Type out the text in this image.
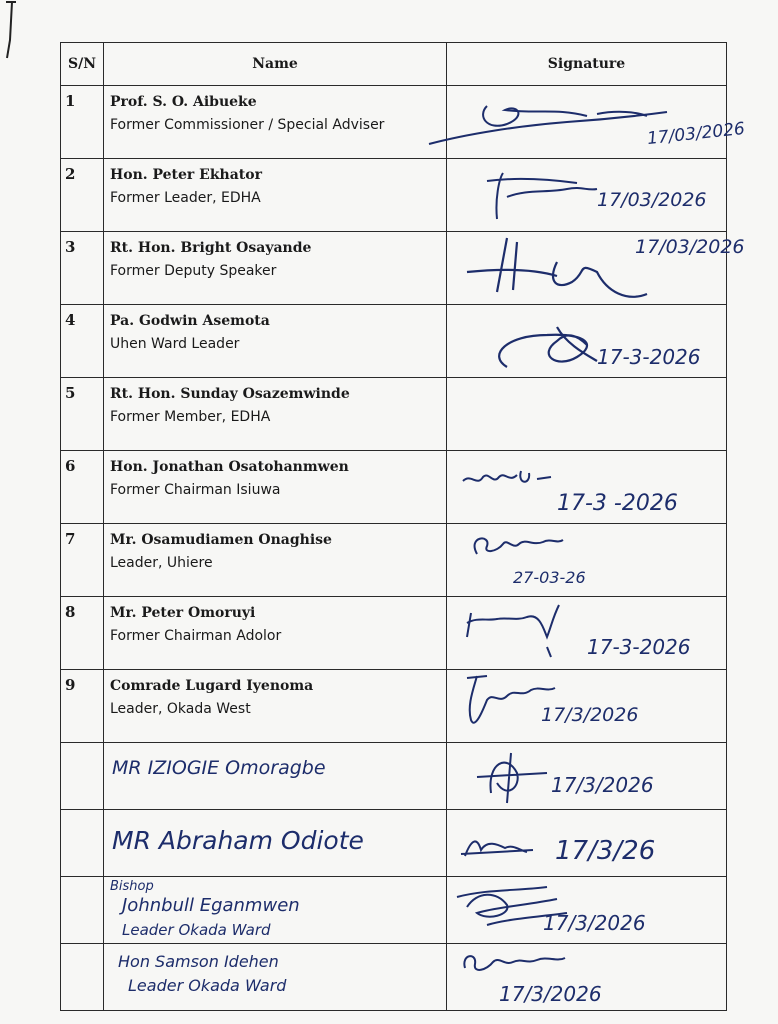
S/N	Name	Signature
1	Prof. S. O. Aibueke
Former Commissioner / Special Adviser	17/03/2026

2	Hon. Peter Ekhator
Former Leader, EDHA	17/03/2026

3	Rt. Hon. Bright Osayande
Former Deputy Speaker	17/03/2026

4	Pa. Godwin Asemota
Uhen Ward Leader	17-3-2026

5	Rt. Hon. Sunday Osazemwinde
Former Member, EDHA	

6	Hon. Jonathan Osatohanmwen
Former Chairman Isiuwa	17-3 -2026

7	Mr. Osamudiamen Onaghise
Leader, Uhiere	27-03-26

8	Mr. Peter Omoruyi
Former Chairman Adolor	17-3-2026

9	Comrade Lugard Iyenoma
Leader, Okada West	17/3/2026

	MR IZIOGIE Omoragbe	17/3/2026

	MR Abraham Odiote	17/3/26

	Bishop
Johnbull Eganmwen
Leader Okada Ward	17/3/2026

	Hon Samson Idehen
Leader Okada Ward	17/3/2026
